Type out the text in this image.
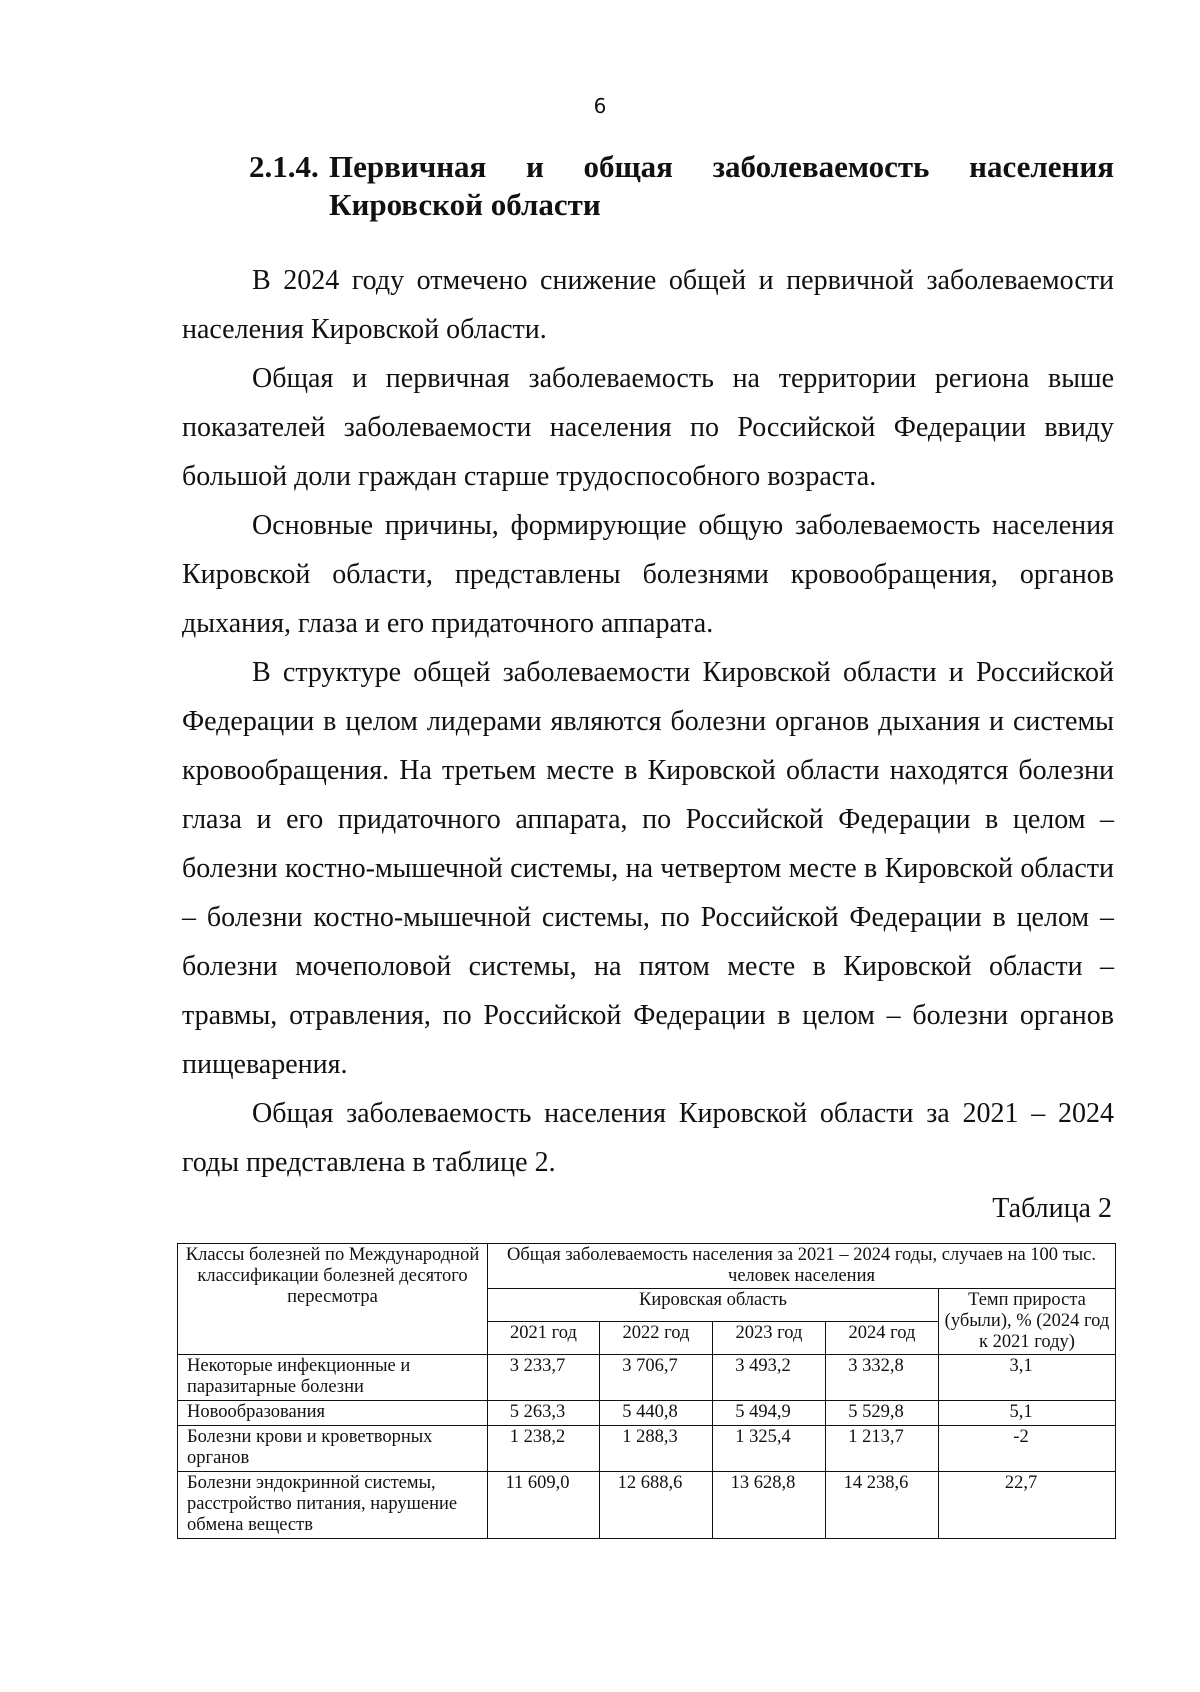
6
2.1.4. Первичная и общая заболеваемость населения Кировской области

В 2024 году отмечено снижение общей и первичной заболеваемости населения Кировской области.

Общая и первичная заболеваемость на территории региона выше показателей заболеваемости населения по Российской Федерации ввиду большой доли граждан старше трудоспособного возраста.

Основные причины, формирующие общую заболеваемость населения Кировской области, представлены болезнями кровообращения, органов дыхания, глаза и его придаточного аппарата.

В структуре общей заболеваемости Кировской области и Российской Федерации в целом лидерами являются болезни органов дыхания и системы кровообращения. На третьем месте в Кировской области находятся болезни глаза и его придаточного аппарата, по Российской Федерации в целом – болезни костно-мышечной системы, на четвертом месте в Кировской области – болезни костно-мышечной системы, по Российской Федерации в целом – болезни мочеполовой системы, на пятом месте в Кировской области – травмы, отравления, по Российской Федерации в целом – болезни органов пищеварения.

Общая заболеваемость населения Кировской области за 2021 – 2024 годы представлена в таблице 2.

Таблица 2
Классы болезней по Международной классификации болезней десятого пересмотра	Общая заболеваемость населения за 2021 – 2024 годы, случаев на 100 тыс. человек населения				
	Кировская область				Темп прироста (убыли), % (2024 год к 2021 году)
	2021 год	2022 год	2023 год	2024 год	
Некоторые инфекционные и паразитарные болезни	3 233,7	3 706,7	3 493,2	3 332,8	3,1
Новообразования	5 263,3	5 440,8	5 494,9	5 529,8	5,1
Болезни крови и кроветворных органов	1 238,2	1 288,3	1 325,4	1 213,7	-2
Болезни эндокринной системы, расстройство питания, нарушение обмена веществ	11 609,0	12 688,6	13 628,8	14 238,6	22,7
